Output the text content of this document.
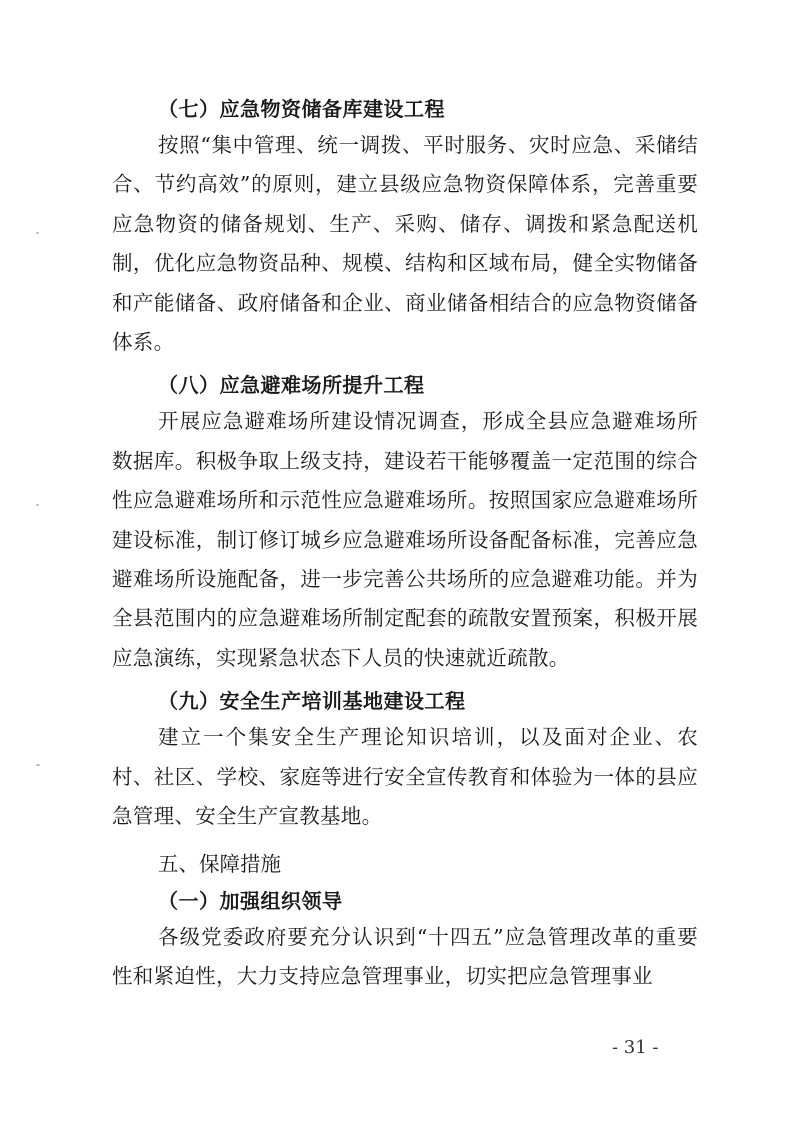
（七）应急物资储备库建设工程

按照“集中管理、统一调拨、平时服务、灾时应急、采储结合、节约高效”的原则，建立县级应急物资保障体系，完善重要应急物资的储备规划、生产、采购、储存、调拨和紧急配送机制，优化应急物资品种、规模、结构和区域布局，健全实物储备和产能储备、政府储备和企业、商业储备相结合的应急物资储备体系。

（八）应急避难场所提升工程

开展应急避难场所建设情况调查，形成全县应急避难场所数据库。积极争取上级支持，建设若干能够覆盖一定范围的综合性应急避难场所和示范性应急避难场所。按照国家应急避难场所建设标准，制订修订城乡应急避难场所设备配备标准，完善应急避难场所设施配备，进一步完善公共场所的应急避难功能。并为全县范围内的应急避难场所制定配套的疏散安置预案，积极开展应急演练，实现紧急状态下人员的快速就近疏散。

（九）安全生产培训基地建设工程

建立一个集安全生产理论知识培训，以及面对企业、农村、社区、学校、家庭等进行安全宣传教育和体验为一体的县应急管理、安全生产宣教基地。

五、保障措施
（一）加强组织领导

各级党委政府要充分认识到“十四五”应急管理改革的重要性和紧迫性，大力支持应急管理事业，切实把应急管理事业

- 31 -
